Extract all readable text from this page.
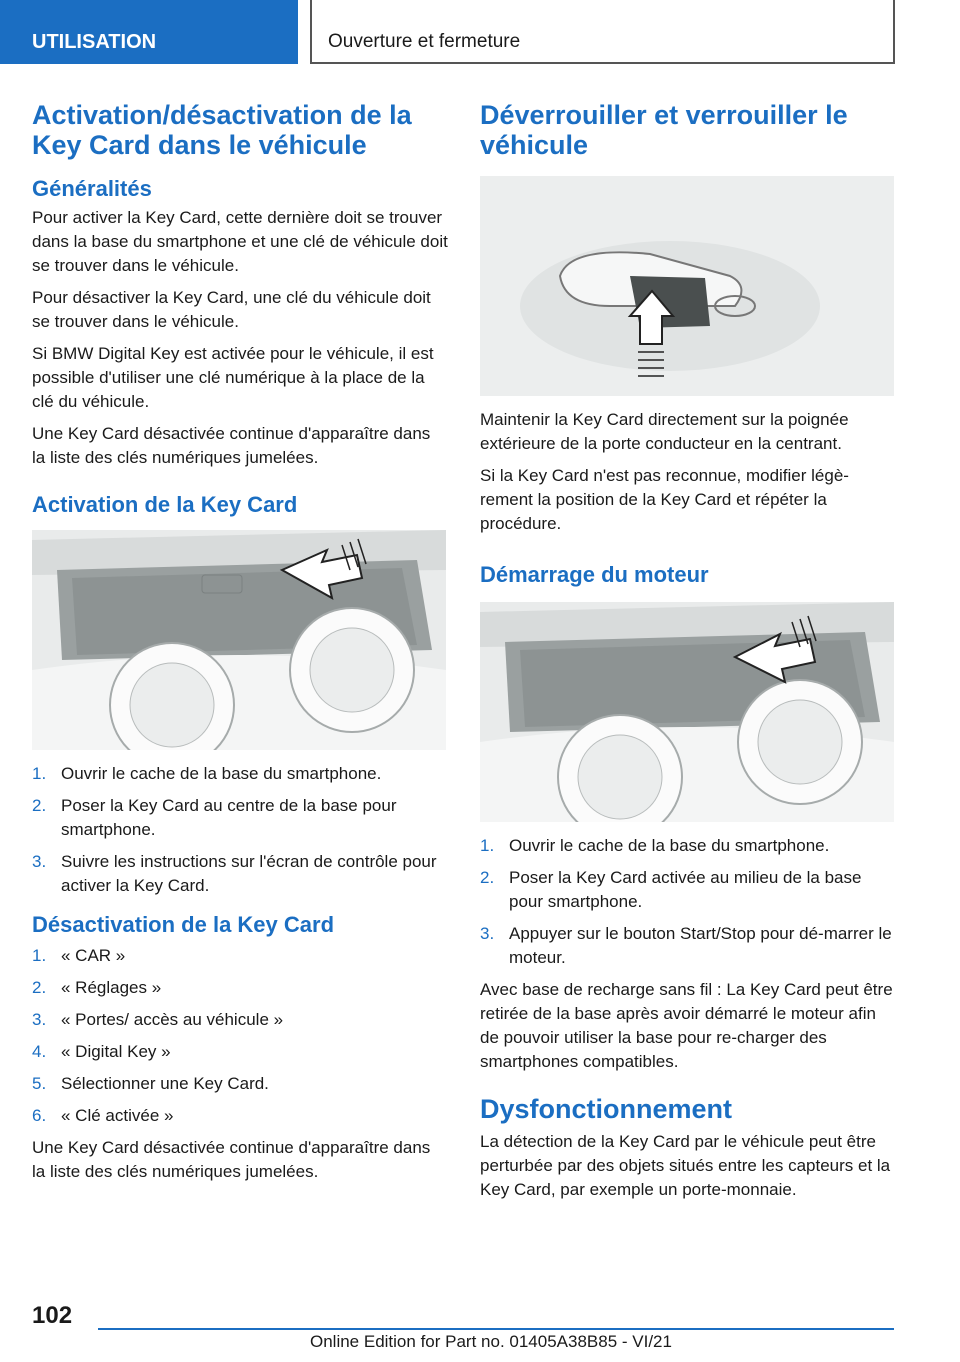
UTILISATION	Ouverture et fermeture
Activation/désactivation de la Key Card dans le véhicule
Généralités

Pour activer la Key Card, cette dernière doit se trouver dans la base du smartphone et une clé de véhicule doit se trouver dans le véhicule.

Pour désactiver la Key Card, une clé du véhicule doit se trouver dans le véhicule.

Si BMW Digital Key est activée pour le véhicule, il est possible d'utiliser une clé numérique à la place de la clé du véhicule.

Une Key Card désactivée continue d'apparaître dans la liste des clés numériques jumelées.

Activation de la Key Card
1. Ouvrir le cache de la base du smartphone.
2. Poser la Key Card au centre de la base pour smartphone.
3. Suivre les instructions sur l'écran de contrôle pour activer la Key Card.
Désactivation de la Key Card
1. « CAR »
2. « Réglages »
3. « Portes/ accès au véhicule »
4. « Digital Key »
5. Sélectionner une Key Card.
6. « Clé activée »

Une Key Card désactivée continue d'apparaître dans la liste des clés numériques jumelées.

Déverrouiller et verrouiller le véhicule

Maintenir la Key Card directement sur la poignée extérieure de la porte conducteur en la centrant.

Si la Key Card n'est pas reconnue, modifier légè-rement la position de la Key Card et répéter la procédure.

Démarrage du moteur
1. Ouvrir le cache de la base du smartphone.
2. Poser la Key Card activée au milieu de la base pour smartphone.
3. Appuyer sur le bouton Start/Stop pour dé-marrer le moteur.

Avec base de recharge sans fil : La Key Card peut être retirée de la base après avoir démarré le moteur afin de pouvoir utiliser la base pour re-charger des smartphones compatibles.

Dysfonctionnement

La détection de la Key Card par le véhicule peut être perturbée par des objets situés entre les capteurs et la Key Card, par exemple un porte-monnaie.

102
Online Edition for Part no. 01405A38B85 - VI/21
